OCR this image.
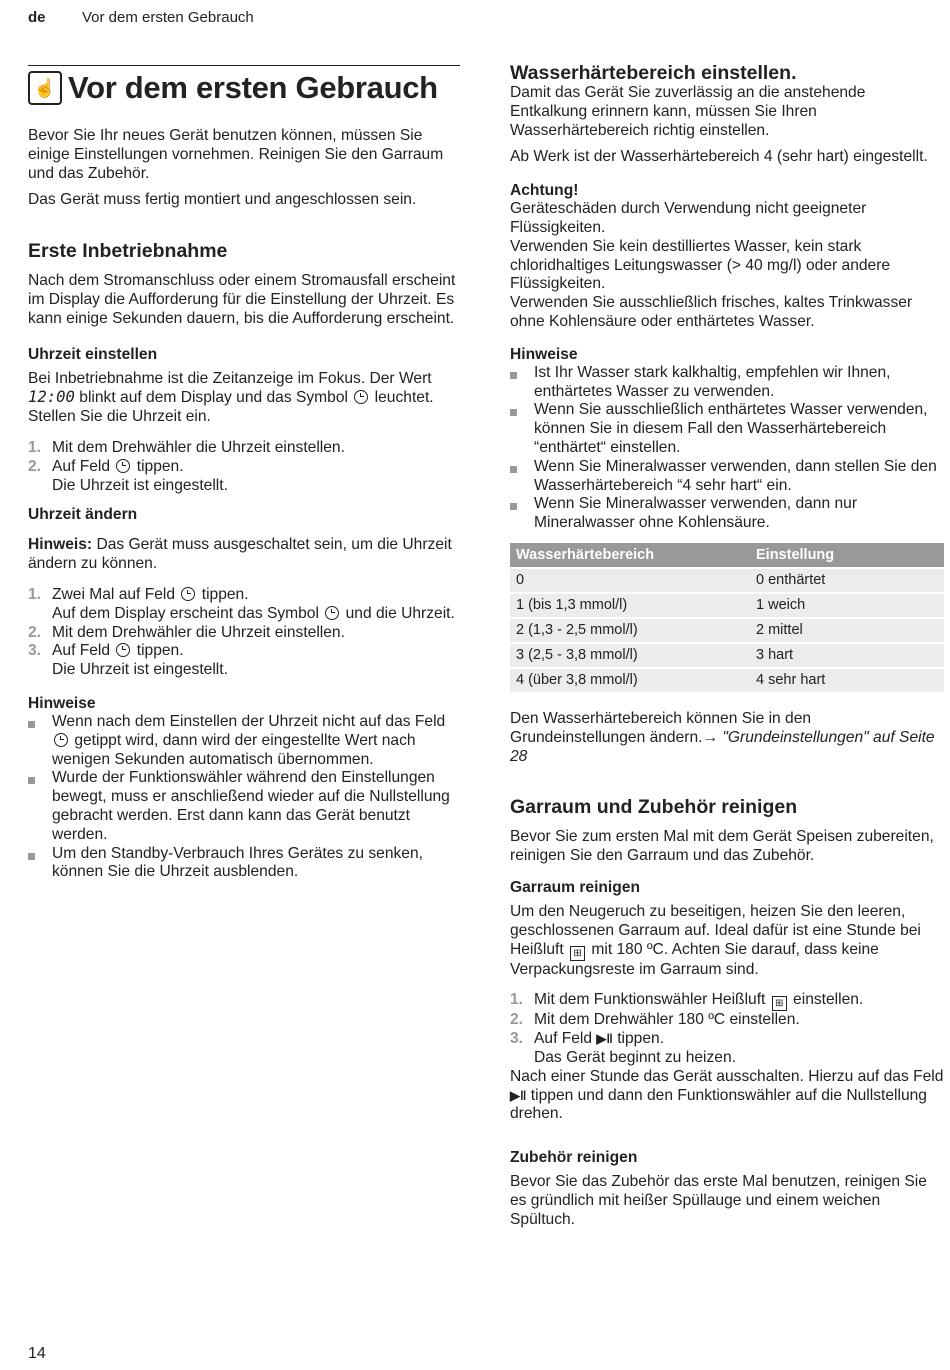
de Vor dem ersten Gebrauch
☝ Vor dem ersten Gebrauch

Bevor Sie Ihr neues Gerät benutzen können, müssen Sie einige Einstellungen vornehmen. Reinigen Sie den Garraum und das Zubehör.

Das Gerät muss fertig montiert und angeschlossen sein.

Erste Inbetriebnahme

Nach dem Stromanschluss oder einem Stromausfall erscheint im Display die Aufforderung für die Einstellung der Uhrzeit. Es kann einige Sekunden dauern, bis die Aufforderung erscheint.

Uhrzeit einstellen

Bei Inbetriebnahme ist die Zeitanzeige im Fokus. Der Wert 12:00 blinkt auf dem Display und das Symbol  leuchtet. Stellen Sie die Uhrzeit ein.

1. Mit dem Drehwähler die Uhrzeit einstellen.
2. Auf Feld  tippen.
Die Uhrzeit ist eingestellt.
Uhrzeit ändern

Hinweis: Das Gerät muss ausgeschaltet sein, um die Uhrzeit ändern zu können.

1. Zwei Mal auf Feld  tippen.
Auf dem Display erscheint das Symbol  und die Uhrzeit.
2. Mit dem Drehwähler die Uhrzeit einstellen.
3. Auf Feld  tippen.
Die Uhrzeit ist eingestellt.
Hinweise
Wenn nach dem Einstellen der Uhrzeit nicht auf das Feld  getippt wird, dann wird der eingestellte Wert nach wenigen Sekunden automatisch übernommen.
Wurde der Funktionswähler während den Einstellungen bewegt, muss er anschließend wieder auf die Nullstellung gebracht werden. Erst dann kann das Gerät benutzt werden.
Um den Standby-Verbrauch Ihres Gerätes zu senken, können Sie die Uhrzeit ausblenden.
Wasserhärtebereich einstellen.

Damit das Gerät Sie zuverlässig an die anstehende Entkalkung erinnern kann, müssen Sie Ihren Wasserhärtebereich richtig einstellen.

Ab Werk ist der Wasserhärtebereich 4 (sehr hart) eingestellt.

Achtung!

Geräteschäden durch Verwendung nicht geeigneter Flüssigkeiten.
Verwenden Sie kein destilliertes Wasser, kein stark chloridhaltiges Leitungswasser (> 40 mg/l) oder andere Flüssigkeiten.
Verwenden Sie ausschließlich frisches, kaltes Trinkwasser ohne Kohlensäure oder enthärtetes Wasser.

Hinweise
Ist Ihr Wasser stark kalkhaltig, empfehlen wir Ihnen, enthärtetes Wasser zu verwenden.
Wenn Sie ausschließlich enthärtetes Wasser verwenden, können Sie in diesem Fall den Wasserhärtebereich “enthärtet“ einstellen.
Wenn Sie Mineralwasser verwenden, dann stellen Sie den Wasserhärtebereich “4 sehr hart“ ein.
Wenn Sie Mineralwasser verwenden, dann nur Mineralwasser ohne Kohlensäure.
Wasserhärtebereich	Einstellung
0	0 enthärtet
1 (bis 1,3 mmol/l)	1 weich
2 (1,3 - 2,5 mmol/l)	2 mittel
3 (2,5 - 3,8 mmol/l)	3 hart
4 (über 3,8 mmol/l)	4 sehr hart

Den Wasserhärtebereich können Sie in den Grundeinstellungen ändern.→ "Grundeinstellungen" auf Seite 28

Garraum und Zubehör reinigen

Bevor Sie zum ersten Mal mit dem Gerät Speisen zubereiten, reinigen Sie den Garraum und das Zubehör.

Garraum reinigen

Um den Neugeruch zu beseitigen, heizen Sie den leeren, geschlossenen Garraum auf. Ideal dafür ist eine Stunde bei Heißluft ⊞ mit 180 ºC. Achten Sie darauf, dass keine Verpackungsreste im Garraum sind.

1. Mit dem Funktionswähler Heißluft ⊞ einstellen.
2. Mit dem Drehwähler 180 ºC einstellen.
3. Auf Feld ▶ǁ tippen.
Das Gerät beginnt zu heizen.

Nach einer Stunde das Gerät ausschalten. Hierzu auf das Feld ▶ǁ tippen und dann den Funktionswähler auf die Nullstellung drehen.

Zubehör reinigen

Bevor Sie das Zubehör das erste Mal benutzen, reinigen Sie es gründlich mit heißer Spüllauge und einem weichen Spültuch.

14
